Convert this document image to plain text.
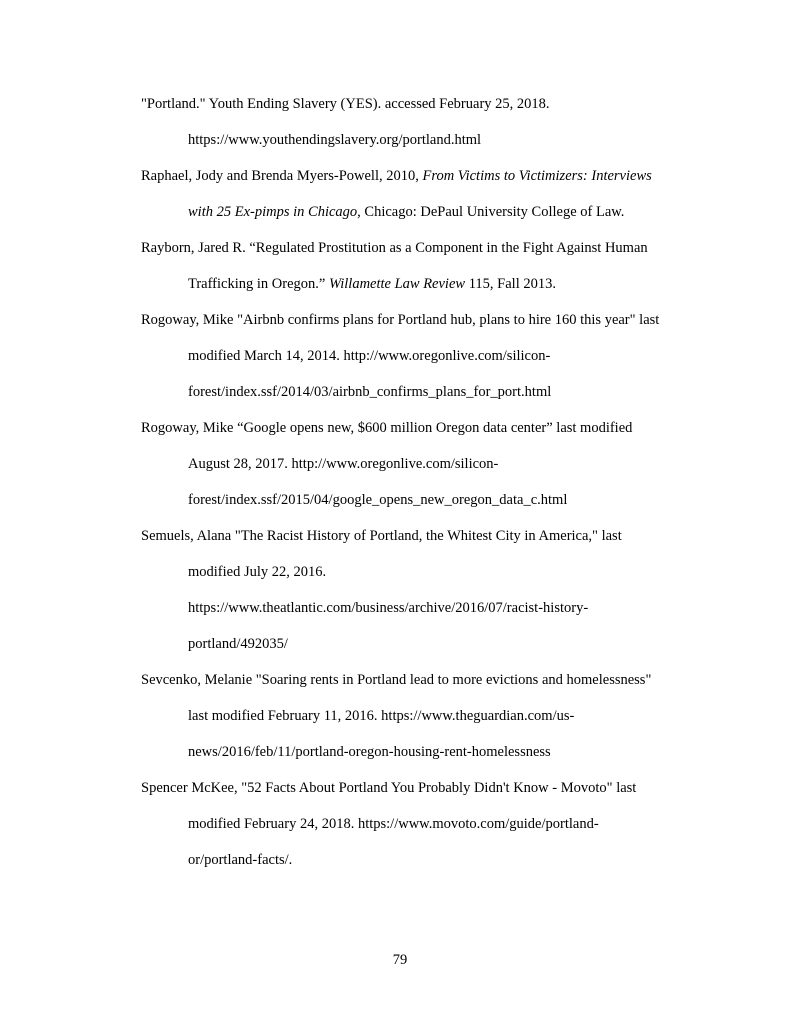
"Portland." Youth Ending Slavery (YES). accessed February 25, 2018.
https://www.youthendingslavery.org/portland.html
Raphael, Jody and Brenda Myers-Powell, 2010, From Victims to Victimizers: Interviews
with 25 Ex-pimps in Chicago, Chicago: DePaul University College of Law.
Rayborn, Jared R. “Regulated Prostitution as a Component in the Fight Against Human
Trafficking in Oregon.” Willamette Law Review 115, Fall 2013.
Rogoway, Mike "Airbnb confirms plans for Portland hub, plans to hire 160 this year" last
modified March 14, 2014. http://www.oregonlive.com/silicon-
forest/index.ssf/2014/03/airbnb_confirms_plans_for_port.html
Rogoway, Mike “Google opens new, $600 million Oregon data center” last modified
August 28, 2017. http://www.oregonlive.com/silicon-
forest/index.ssf/2015/04/google_opens_new_oregon_data_c.html
Semuels, Alana "The Racist History of Portland, the Whitest City in America," last
modified July 22, 2016.
https://www.theatlantic.com/business/archive/2016/07/racist-history-
portland/492035/
Sevcenko, Melanie "Soaring rents in Portland lead to more evictions and homelessness"
last modified February 11, 2016. https://www.theguardian.com/us-
news/2016/feb/11/portland-oregon-housing-rent-homelessness
Spencer McKee, "52 Facts About Portland You Probably Didn't Know - Movoto" last
modified February 24, 2018. https://www.movoto.com/guide/portland-
or/portland-facts/.
79
